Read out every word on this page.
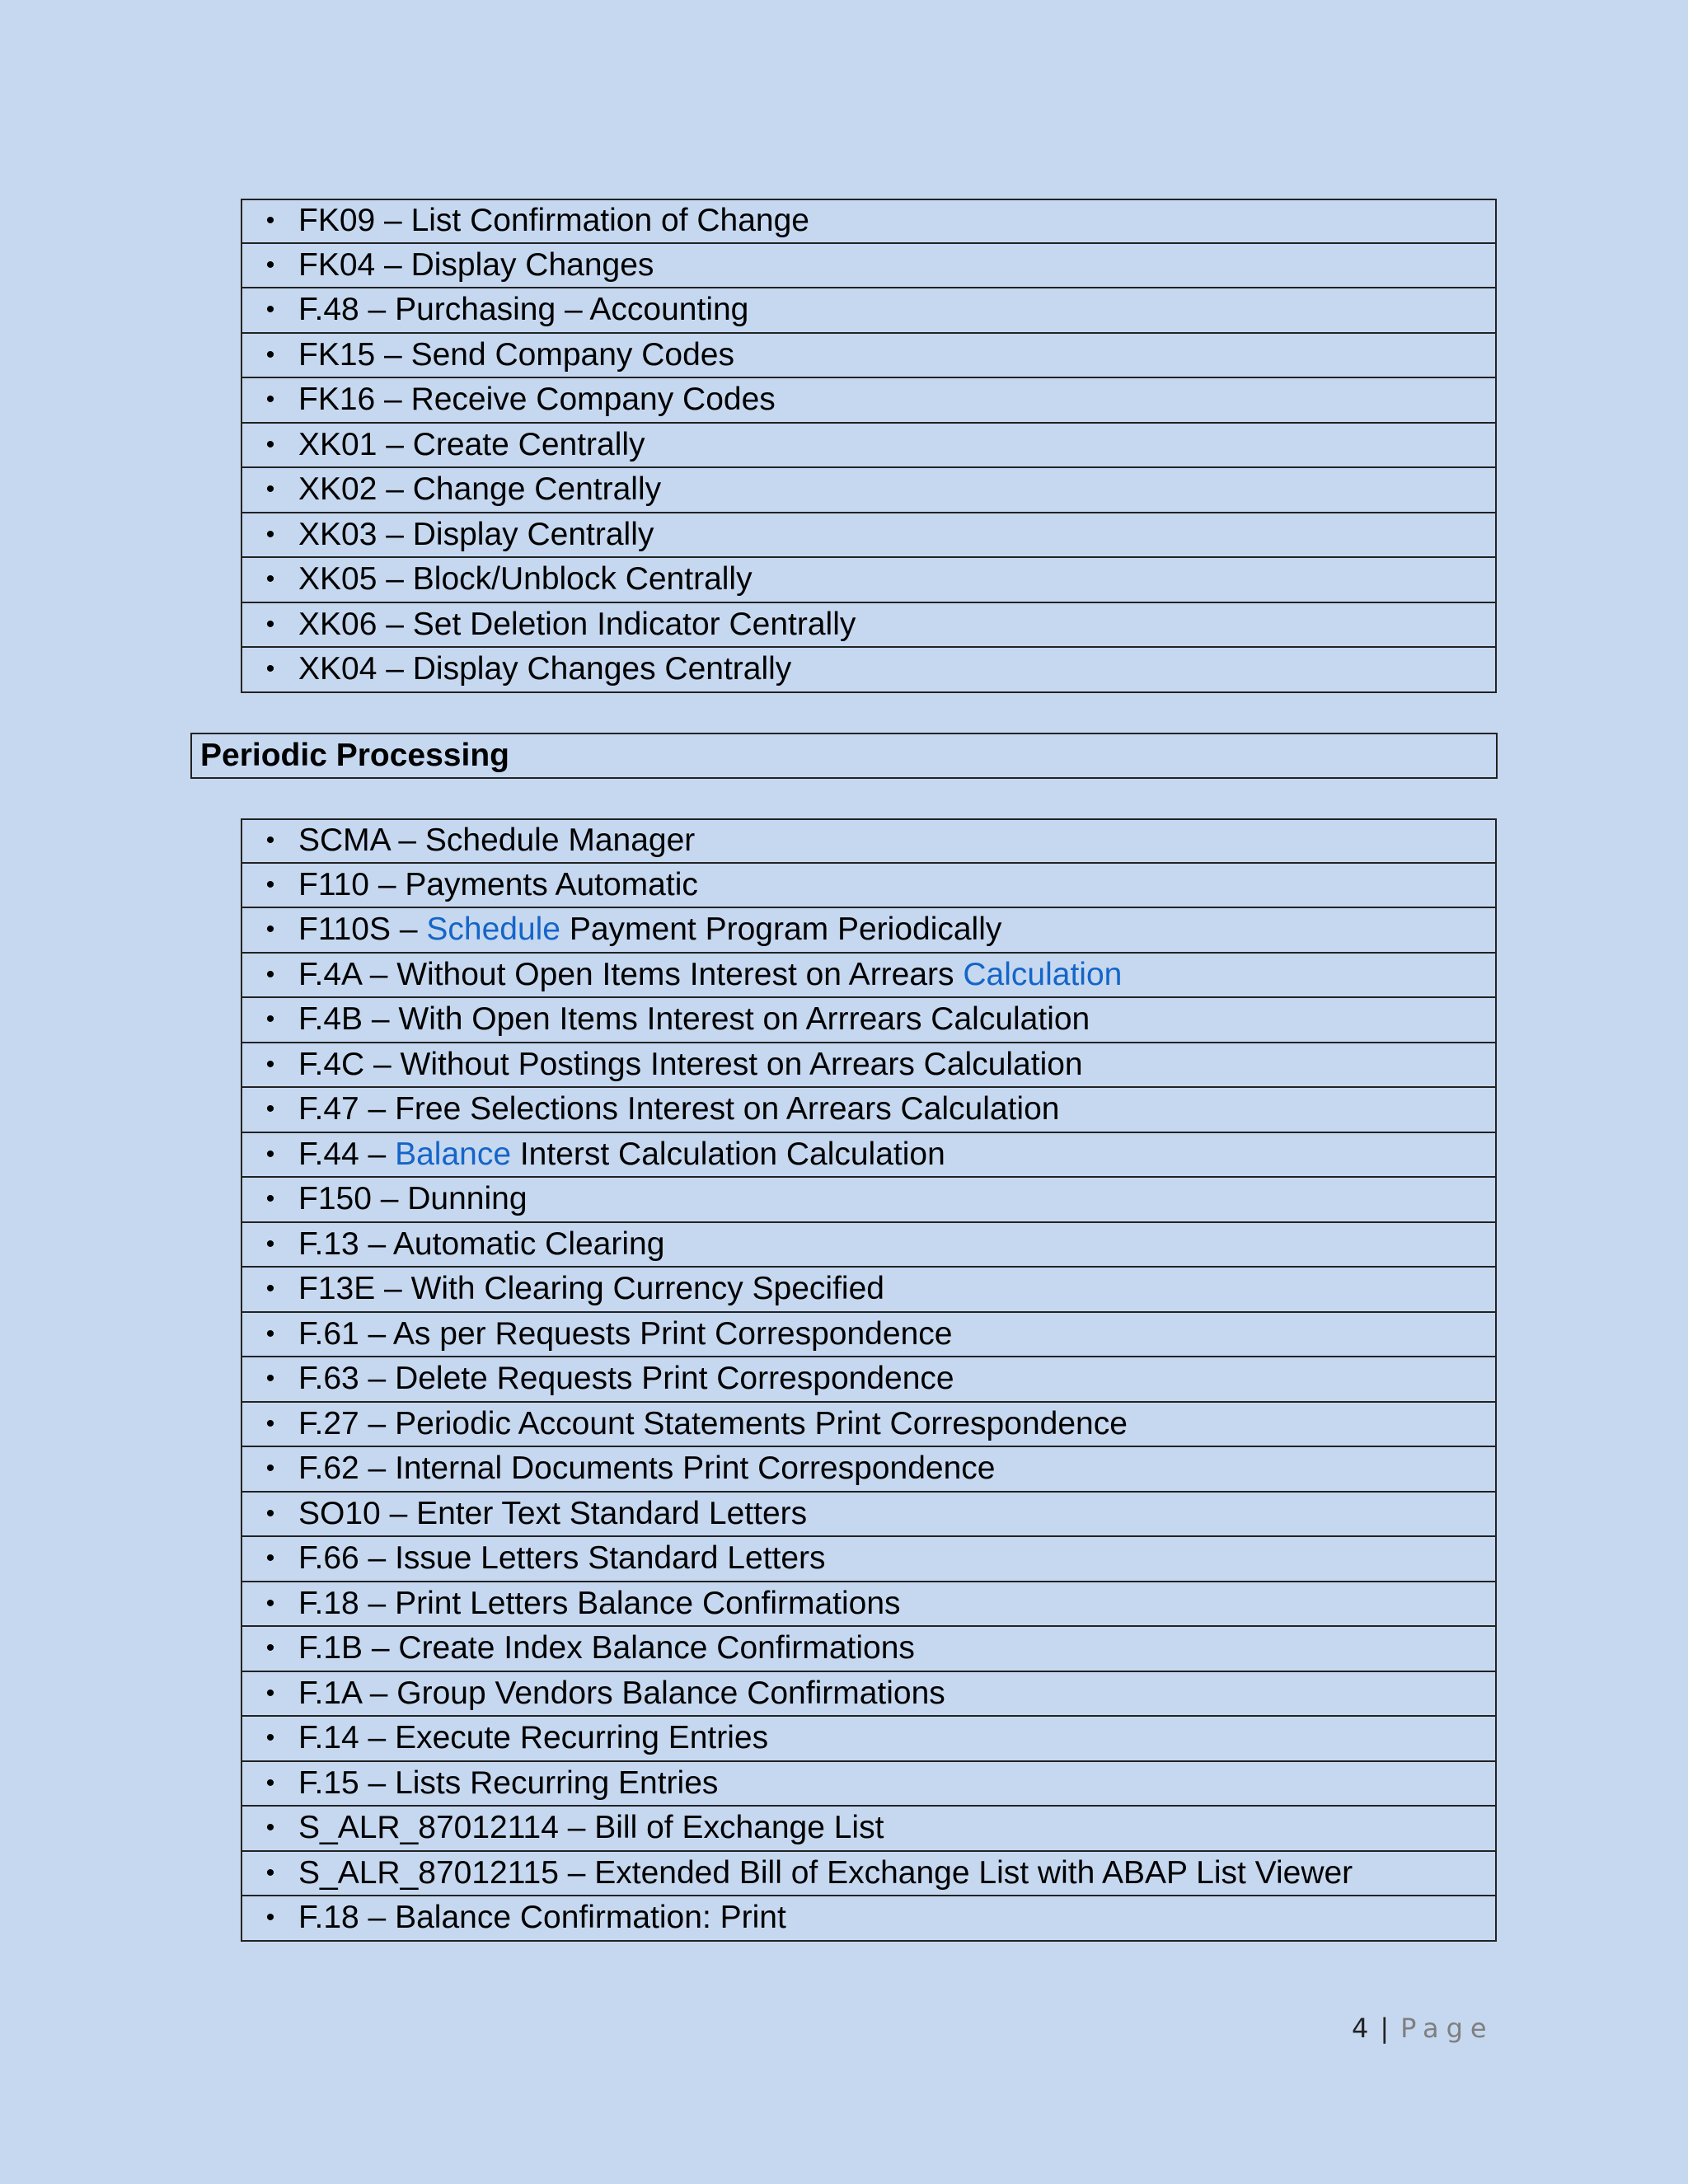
• FK09 – List Confirmation of Change
• FK04 – Display Changes
• F.48 – Purchasing – Accounting
• FK15 – Send Company Codes
• FK16 – Receive Company Codes
• XK01 – Create Centrally
• XK02 – Change Centrally
• XK03 – Display Centrally
• XK05 – Block/Unblock Centrally
• XK06 – Set Deletion Indicator Centrally
• XK04 – Display Changes Centrally
Periodic Processing
• SCMA – Schedule Manager
• F110 – Payments Automatic
• F110S – Schedule Payment Program Periodically
• F.4A – Without Open Items Interest on Arrears Calculation
• F.4B – With Open Items Interest on Arrrears Calculation
• F.4C – Without Postings Interest on Arrears Calculation
• F.47 – Free Selections Interest on Arrears Calculation
• F.44 – Balance Interst Calculation Calculation
• F150 – Dunning
• F.13 – Automatic Clearing
• F13E – With Clearing Currency Specified
• F.61 – As per Requests Print Correspondence
• F.63 – Delete Requests Print Correspondence
• F.27 – Periodic Account Statements Print Correspondence
• F.62 – Internal Documents Print Correspondence
• SO10 – Enter Text Standard Letters
• F.66 – Issue Letters Standard Letters
• F.18 – Print Letters Balance Confirmations
• F.1B – Create Index Balance Confirmations
• F.1A – Group Vendors Balance Confirmations
• F.14 – Execute Recurring Entries
• F.15 – Lists Recurring Entries
• S_ALR_87012114 – Bill of Exchange List
• S_ALR_87012115 – Extended Bill of Exchange List with ABAP List Viewer
• F.18 – Balance Confirmation: Print
4 | Page
